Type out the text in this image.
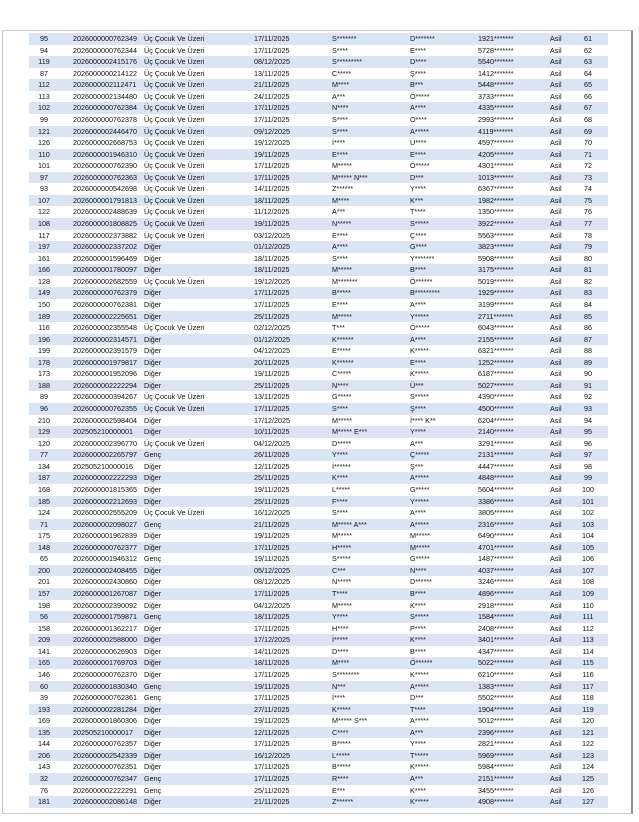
95	2026000000762349	Üç Çocuk Ve Üzeri	17/11/2025	S*******	D*******	1921*******	Asil	61
94	2026000000762344	Üç Çocuk Ve Üzeri	17/11/2025	S****	E****	5728*******	Asil	62
119	2026000002415176	Üç Çocuk Ve Üzeri	08/12/2025	S*********	D****	5540*******	Asil	63
87	2026000000214122	Üç Çocuk Ve Üzeri	13/11/2025	C*****	Ş****	1412*******	Asil	64
112	2026000002112471	Üç Çocuk Ve Üzeri	21/11/2025	M****	B***	5448*******	Asil	65
113	2026000002134480	Üç Çocuk Ve Üzeri	24/11/2025	A***	Ö*****	3733*******	Asil	66
102	2026000000762384	Üç Çocuk Ve Üzeri	17/11/2025	N****	A****	4335*******	Asil	67
99	2026000000762378	Üç Çocuk Ve Üzeri	17/11/2025	S****	O****	2993*******	Asil	68
121	2026000002446470	Üç Çocuk Ve Üzeri	09/12/2025	S****	A*****	4119*******	Asil	69
126	2026000002668753	Üç Çocuk Ve Üzeri	19/12/2025	İ****	Ü****	4597*******	Asil	70
110	2026000001946310	Üç Çocuk Ve Üzeri	19/11/2025	E****	E****	4205*******	Asil	71
101	2026000000762390	Üç Çocuk Ve Üzeri	17/11/2025	M*****	Ö*****	4301*******	Asil	72
97	2026000000762363	Üç Çocuk Ve Üzeri	17/11/2025	M***** N***	D***	1013*******	Asil	73
93	2026000000542698	Üç Çocuk Ve Üzeri	14/11/2025	Z******	Y****	6367*******	Asil	74
107	2026000001791813	Üç Çocuk Ve Üzeri	18/11/2025	M****	K***	1982*******	Asil	75
122	2026000002488639	Üç Çocuk Ve Üzeri	11/12/2025	A***	T****	1350*******	Asil	76
108	2026000001808825	Üç Çocuk Ve Üzeri	19/11/2025	N*****	S*****	3922*******	Asil	77
117	2026000002373882	Üç Çocuk Ve Üzeri	03/12/2025	E****	Ç****	5563*******	Asil	78
197	2026000002337202	Diğer	01/12/2025	A****	G****	3823*******	Asil	79
161	2026000001596469	Diğer	18/11/2025	S****	Y*******	5908*******	Asil	80
166	2026000001780097	Diğer	18/11/2025	M*****	B****	3175*******	Asil	81
128	2026000002682559	Üç Çocuk Ve Üzeri	19/12/2025	M*******	Ö******	5019*******	Asil	82
149	2026000000762379	Diğer	17/11/2025	B*****	B*********	1929*******	Asil	83
150	2026000000762381	Diğer	17/11/2025	E****	A****	3199*******	Asil	84
189	2026000002225651	Diğer	25/11/2025	M*****	Y*****	2711*******	Asil	85
116	2026000002355548	Üç Çocuk Ve Üzeri	02/12/2025	T***	Ö*****	6043*******	Asil	86
196	2026000002314571	Diğer	01/12/2025	K******	A****	2155*******	Asil	87
199	2026000002391579	Diğer	04/12/2025	E*****	K*****	6321*******	Asil	88
178	2026000001979817	Diğer	20/11/2025	K******	E****	1252*******	Asil	89
173	2026000001952096	Diğer	19/11/2025	C*****	K*****	6187*******	Asil	90
188	2026000002222294	Diğer	25/11/2025	N****	Ü***	5027*******	Asil	91
89	2026000000394267	Üç Çocuk Ve Üzeri	13/11/2025	G*****	S*****	4390*******	Asil	92
96	2026000000762355	Üç Çocuk Ve Üzeri	17/11/2025	S****	Ş****	4500*******	Asil	93
210	2026000002598404	Diğer	17/12/2025	M*****	İ**** K**	6204*******	Asil	94
129	202505210000001	Diğer	10/11/2025	M***** E***	Y****	2140*******	Asil	95
120	2026000002396770	Üç Çocuk Ve Üzeri	04/12/2025	D*****	A***	3291*******	Asil	96
77	2026000002265797	Genç	26/11/2025	Y****	Ç*****	2131*******	Asil	97
134	202505210000016	Diğer	12/11/2025	İ******	Ş***	4447*******	Asil	98
187	2026000002222293	Diğer	25/11/2025	K****	A*****	4848*******	Asil	99
168	2026000001815365	Diğer	19/11/2025	L*****	G*****	5604*******	Asil	100
185	2026000002212693	Diğer	25/11/2025	F****	Y*****	3386*******	Asil	101
124	2026000002555209	Üç Çocuk Ve Üzeri	16/12/2025	S****	A****	3805*******	Asil	102
71	2026000002098027	Genç	21/11/2025	M***** A***	A*****	2316*******	Asil	103
175	2026000001962839	Diğer	19/11/2025	M*****	M*****	6490*******	Asil	104
148	2026000000762377	Diğer	17/11/2025	H*****	M*****	4701*******	Asil	105
65	2026000001946312	Genç	19/11/2025	S*****	G*****	1487*******	Asil	106
200	2026000002408455	Diğer	05/12/2025	C***	N****	4037*******	Asil	107
201	2026000002430860	Diğer	08/12/2025	N*****	D******	3246*******	Asil	108
157	2026000001267087	Diğer	17/11/2025	T****	B****	4896*******	Asil	109
198	2026000002390092	Diğer	04/12/2025	M*****	K****	2918*******	Asil	110
56	2026000001759871	Genç	18/11/2025	Y****	S*****	1584*******	Asil	111
158	2026000001362217	Diğer	17/11/2025	H****	P****	2408*******	Asil	112
209	2026000002588000	Diğer	17/12/2025	İ*****	K****	3401*******	Asil	113
141	2026000000626903	Diğer	14/11/2025	D****	B****	4347*******	Asil	114
165	2026000001769703	Diğer	18/11/2025	M****	Ö******	5022*******	Asil	115
146	2026000000762370	Diğer	17/11/2025	S********	K*****	6210*******	Asil	116
60	2026000001830340	Genç	19/11/2025	N***	A*****	1383*******	Asil	117
39	2026000000762361	Genç	17/11/2025	İ****	D***	5502*******	Asil	118
193	2026000002281284	Diğer	27/11/2025	K*****	T****	1904*******	Asil	119
169	2026000001860306	Diğer	19/11/2025	M***** S***	A*****	5012*******	Asil	120
135	202505210000017	Diğer	12/11/2025	C****	A***	2396*******	Asil	121
144	2026000000762357	Diğer	17/11/2025	B*****	Y****	2821*******	Asil	122
206	2026000002542339	Diğer	16/12/2025	L*****	T*****	5969*******	Asil	123
143	2026000000762351	Diğer	17/11/2025	B*****	K*****	5984*******	Asil	124
32	2026000000762347	Genç	17/11/2025	R****	A***	2151*******	Asil	125
76	2026000002222291	Genç	25/11/2025	E***	K****	3455*******	Asil	126
181	2026000002086148	Diğer	21/11/2025	Z******	K*****	4908*******	Asil	127
